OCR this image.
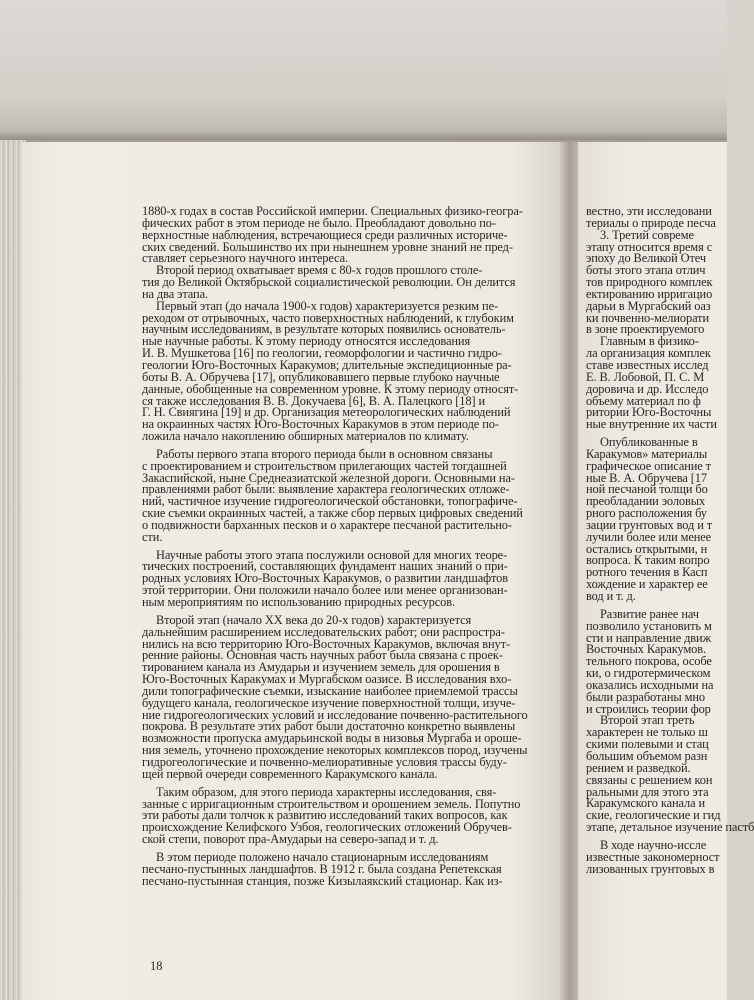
1880-х годах в состав Российской империи. Специальных физико-геогра-

фических работ в этом периоде не было. Преобладают довольно по-

верхностные наблюдения, встречающиеся среди различных историче-

ских сведений. Большинство их при нынешнем уровне знаний не пред-

ставляет серьезного научного интереса.

Второй период охватывает время с 80-х годов прошлого столе-

тия до Великой Октябрьской социалистической революции. Он делится

на два этапа.

Первый этап (до начала 1900-х годов) характеризуется резким пе-

реходом от отрывочных, часто поверхностных наблюдений, к глубоким

научным исследованиям, в результате которых появились основатель-

ные научные работы. К этому периоду относятся исследования

И. В. Мушкетова [16] по геологии, геоморфологии и частично гидро-

геологии Юго-Восточных Каракумов; длительные экспедиционные ра-

боты В. А. Обручева [17], опубликовавшего первые глубоко научные

данные, обобщенные на современном уровне. К этому периоду относят-

ся также исследования В. В. Докучаева [6], В. А. Палецкого [18] и

Г. Н. Свиягина [19] и др. Организация метеорологических наблюдений

на окраинных частях Юго-Восточных Каракумов в этом периоде по-

ложила начало накоплению обширных материалов по климату.

Работы первого этапа второго периода были в основном связаны

с проектированием и строительством прилегающих частей тогдашней

Закаспийской, ныне Среднеазиатской железной дороги. Основными на-

правлениями работ были: выявление характера геологических отложе-

ний, частичное изучение гидрогеологической обстановки, топографиче-

ские съемки окраинных частей, а также сбор первых цифровых сведений

о подвижности барханных песков и о характере песчаной растительно-

сти.

Научные работы этого этапа послужили основой для многих теоре-

тических построений, составляющих фундамент наших знаний о при-

родных условиях Юго-Восточных Каракумов, о развитии ландшафтов

этой территории. Они положили начало более или менее организован-

ным мероприятиям по использованию природных ресурсов.

Второй этап (начало XX века до 20-х годов) характеризуется

дальнейшим расширением исследовательских работ; они распростра-

нились на всю территорию Юго-Восточных Каракумов, включая внут-

ренние районы. Основная часть научных работ была связана с проек-

тированием канала из Амударьи и изучением земель для орошения в

Юго-Восточных Каракумах и Мургабском оазисе. В исследования вхо-

дили топографические съемки, изыскание наиболее приемлемой трассы

будущего канала, геологическое изучение поверхностной толщи, изуче-

ние гидрогеологических условий и исследование почвенно-растительного

покрова. В результате этих работ были достаточно конкретно выявлены

возможности пропуска амударьинской воды в низовья Мургаба и ороше-

ния земель, уточнено прохождение некоторых комплексов пород, изучены

гидрогеологические и почвенно-мелиоративные условия трассы буду-

щей первой очереди современного Каракумского канала.

Таким образом, для этого периода характерны исследования, свя-

занные с ирригационным строительством и орошением земель. Попутно

эти работы дали толчок к развитию исследований таких вопросов, как

происхождение Келифского Узбоя, геологических отложений Обручев-

ской степи, поворот пра-Амударьи на северо-запад и т. д.

В этом периоде положено начало стационарным исследованиям

песчано-пустынных ландшафтов. В 1912 г. была создана Репетекская

песчано-пустынная станция, позже Кизылаякский стационар. Как из-

18

вестно, эти исследовани

териалы о природе песча

3. Третий совреме

этапу относится время с

эпоху до Великой Отеч

боты этого этапа отлич

тов природного комплек

ектированию ирригацио

дарьи в Мургабский оаз

ки почвенно-мелиорати

в зоне проектируемого

Главным в физико-

ла организация комплек

ставе известных исслед

Е. В. Лобовой, П. С. М

доровича и др. Исследо

объему материал по ф

ритории Юго-Восточны

ные внутренние их части

Опубликованные в

Каракумов» материалы

графическое описание т

ные В. А. Обручева [17

ной песчаной толщи бо

преобладании эоловых

рного расположения бу

зации грунтовых вод и т

лучили более или менее

остались открытыми, н

вопроса. К таким вопро

ротного течения в Касп

хождение и характер ее

вод и т. д.

Развитие ранее нач

позволило установить м

сти и направление движ

Восточных Каракумов.

тельного покрова, особе

ки, о гидротермическом

оказались исходными на

были разработаны мно

и строились теории фор

Второй этап треть

характерен не только ш

скими полевыми и стац

большим объемом разн

рением и разведкой.

связаны с решением кон

ральными для этого эта

Каракумского канала и

ские, геологические и гид

этапе, детальное изучение пастб

В ходе научно-иссле

известные закономерност

лизованных грунтовых в
